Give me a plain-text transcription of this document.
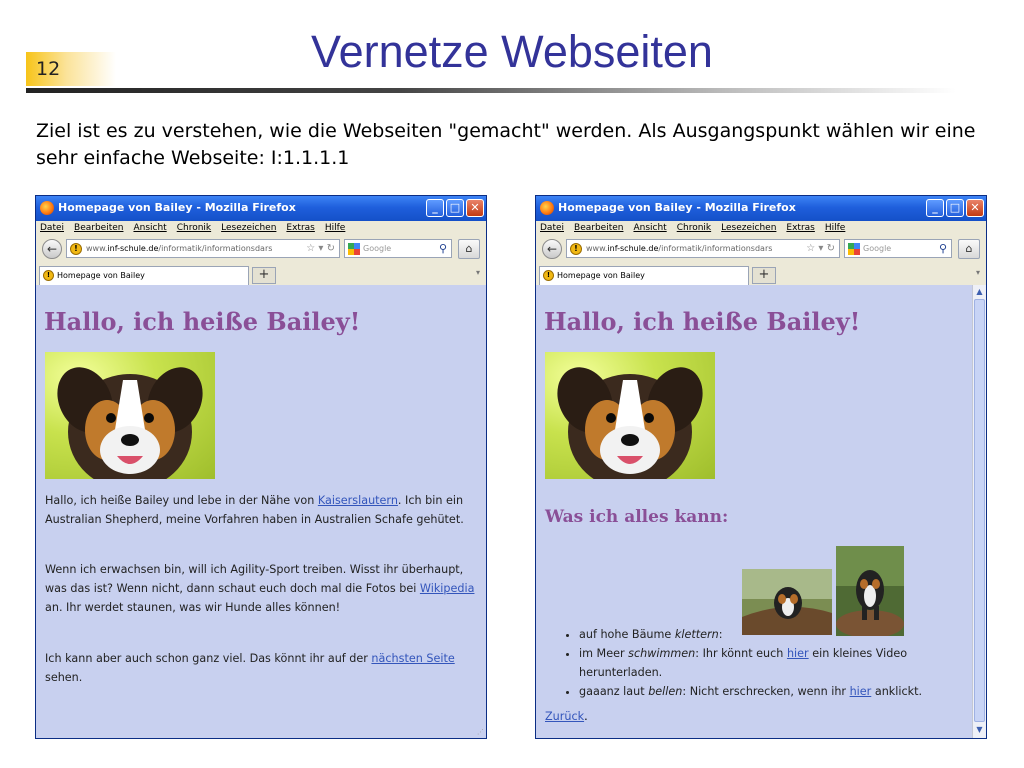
12	Vernetze Webseiten
Ziel ist es zu verstehen, wie die Webseiten "gemacht" werden. Als Ausgangspunkt wählen wir eine sehr einfache Webseite: I:1.1.1.1
Homepage von Bailey - Mozilla Firefox	_	□ ✕
Datei Bearbeiten Ansicht Chronik Lesezeichen Extras Hilfe
←	! www.inf-schule.de/informatik/informationsdars	☆ ▾ ↻	Google	⚲	⌂
! Homepage von Bailey	+	▾
Hallo, ich heiße Bailey!
Hallo, ich heiße Bailey und lebe in der Nähe von Kaiserslautern. Ich bin ein Australian Shepherd, meine Vorfahren haben in Australien Schafe gehütet.
Wenn ich erwachsen bin, will ich Agility-Sport treiben. Wisst ihr überhaupt, was das ist? Wenn nicht, dann schaut euch doch mal die Fotos bei Wikipedia an. Ihr werdet staunen, was wir Hunde alles können!
Ich kann aber auch schon ganz viel. Das könnt ihr auf der nächsten Seite sehen.
⋰
Homepage von Bailey - Mozilla Firefox	_	□ ✕
Datei Bearbeiten Ansicht Chronik Lesezeichen Extras Hilfe
←	! www.inf-schule.de/informatik/informationsdars	☆ ▾ ↻	Google	⚲	⌂
! Homepage von Bailey	+	▾
Hallo, ich heiße Bailey!
Was ich alles kann:
• auf hohe Bäume klettern:
• im Meer schwimmen: Ihr könnt euch hier ein kleines Video herunterladen.
• gaaanz laut bellen: Nicht erschrecken, wenn ihr hier anklickt.
Zurück.
▲
▼
